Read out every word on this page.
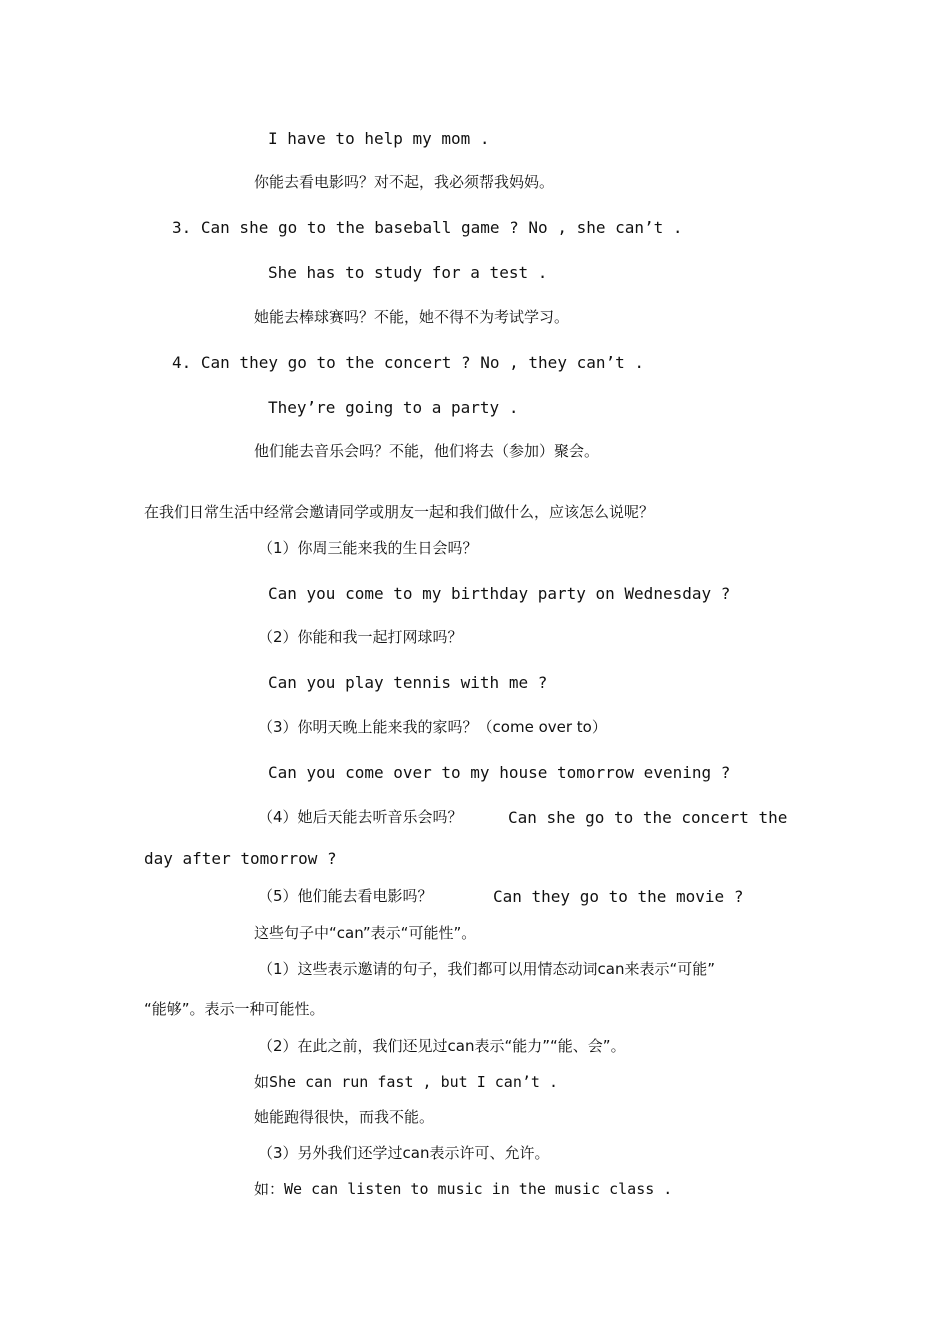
I have to help my mom .
你能去看电影吗？对不起，我必须帮我妈妈。
3. Can she go to the baseball game ? No , she can’t .
She has to study for a test .
她能去棒球赛吗？不能，她不得不为考试学习。
4. Can they go to the concert ? No , they can’t .
They’re going to a party .
他们能去音乐会吗？不能，他们将去（参加）聚会。
在我们日常生活中经常会邀请同学或朋友一起和我们做什么，应该怎么说呢？
（1）你周三能来我的生日会吗？
Can you come to my birthday party on Wednesday ?
（2）你能和我一起打网球吗？
Can you play tennis with me ?
（3）你明天晚上能来我的家吗？（come over to）
Can you come over to my house tomorrow evening ?
（4）她后天能去听音乐会吗？	Can she go to the concert the
day after tomorrow ?
（5）他们能去看电影吗？	Can they go to the movie ?
这些句子中“can”表示“可能性”。
（1）这些表示邀请的句子，我们都可以用情态动词can来表示“可能”
“能够”。表示一种可能性。
（2）在此之前，我们还见过can表示“能力”“能、会”。
如She can run fast , but I can’t .
她能跑得很快，而我不能。
（3）另外我们还学过can表示许可、允许。
如：We can listen to music in the music class .
